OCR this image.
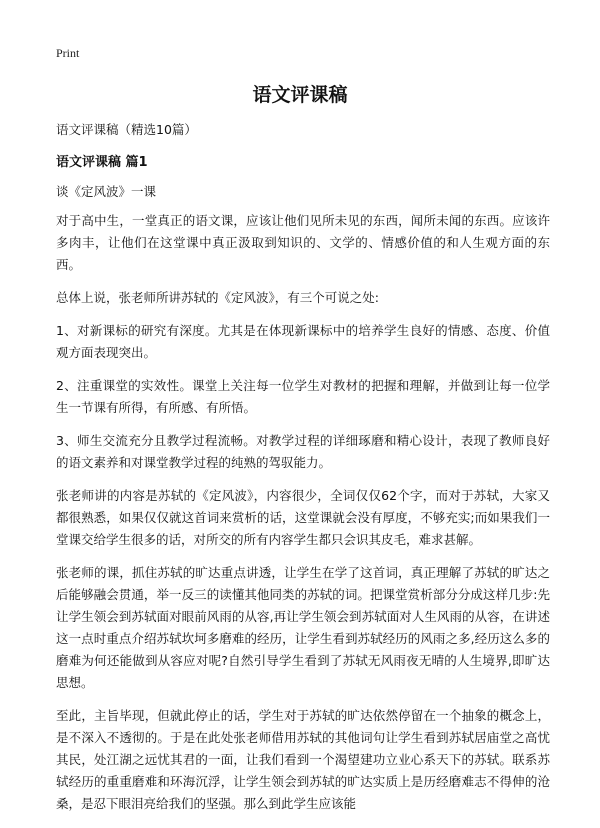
Print
语文评课稿
语文评课稿（精选10篇）
语文评课稿 篇1
谈《定风波》一课

对于高中生，一堂真正的语文课，应该让他们见所未见的东西，闻所未闻的东西。应该许多肉丰，让他们在这堂课中真正汲取到知识的、文学的、情感价值的和人生观方面的东西。

总体上说，张老师所讲苏轼的《定风波》，有三个可说之处:

1、对新课标的研究有深度。尤其是在体现新课标中的培养学生良好的情感、态度、价值观方面表现突出。

2、注重课堂的实效性。课堂上关注每一位学生对教材的把握和理解，并做到让每一位学生一节课有所得，有所感、有所悟。

3、师生交流充分且教学过程流畅。对教学过程的详细琢磨和精心设计，表现了教师良好的语文素养和对课堂教学过程的纯熟的驾驭能力。

张老师讲的内容是苏轼的《定风波》，内容很少，全词仅仅62个字，而对于苏轼，大家又都很熟悉，如果仅仅就这首词来赏析的话，这堂课就会没有厚度，不够充实;而如果我们一堂课交给学生很多的话，对所交的所有内容学生都只会识其皮毛，难求甚解。

张老师的课，抓住苏轼的旷达重点讲透，让学生在学了这首词，真正理解了苏轼的旷达之后能够融会贯通，举一反三的读懂其他同类的苏轼的词。把课堂赏析部分分成这样几步:先让学生领会到苏轼面对眼前风雨的从容,再让学生领会到苏轼面对人生风雨的从容，在讲述这一点时重点介绍苏轼坎坷多磨难的经历，让学生看到苏轼经历的风雨之多,经历这么多的磨难为何还能做到从容应对呢?自然引导学生看到了苏轼无风雨夜无晴的人生境界,即旷达思想。

至此，主旨毕现，但就此停止的话，学生对于苏轼的旷达依然停留在一个抽象的概念上，是不深入不透彻的。于是在此处张老师借用苏轼的其他词句让学生看到苏轼居庙堂之高忧其民，处江湖之远忧其君的一面，让我们看到一个渴望建功立业心系天下的苏轼。联系苏轼经历的重重磨难和环海沉浮，让学生领会到苏轼的旷达实质上是历经磨难志不得伸的沧桑，是忍下眼泪亮给我们的坚强。那么到此学生应该能
